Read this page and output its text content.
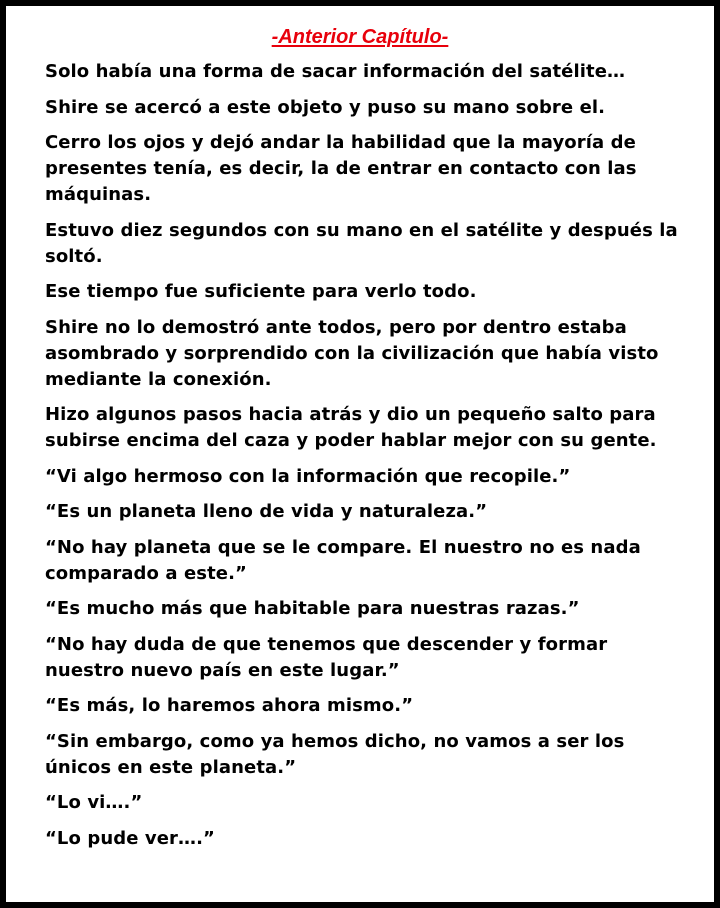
-Anterior Capítulo-
Solo había una forma de sacar información del satélite…
Shire se acercó a este objeto y puso su mano sobre el.
Cerro los ojos y dejó andar la habilidad que la mayoría de
presentes tenía, es decir, la de entrar en contacto con las
máquinas.
Estuvo diez segundos con su mano en el satélite y después la
soltó.
Ese tiempo fue suficiente para verlo todo.
Shire no lo demostró ante todos, pero por dentro estaba
asombrado y sorprendido con la civilización que había visto
mediante la conexión.
Hizo algunos pasos hacia atrás y dio un pequeño salto para
subirse encima del caza y poder hablar mejor con su gente.
“Vi algo hermoso con la información que recopile.”
“Es un planeta lleno de vida y naturaleza.”
“No hay planeta que se le compare. El nuestro no es nada
comparado a este.”
“Es mucho más que habitable para nuestras razas.”
“No hay duda de que tenemos que descender y formar
nuestro nuevo país en este lugar.”
“Es más, lo haremos ahora mismo.”
“Sin embargo, como ya hemos dicho, no vamos a ser los
únicos en este planeta.”
“Lo vi….”
“Lo pude ver….”
